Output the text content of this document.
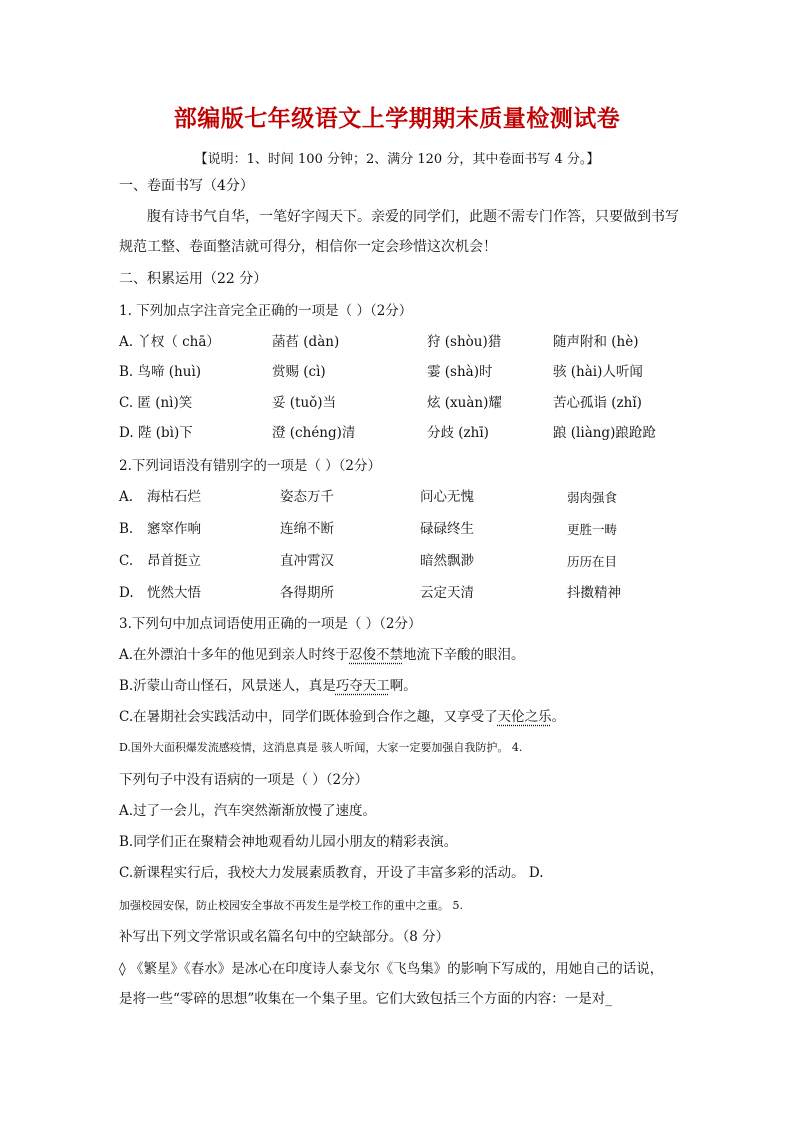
部编版七年级语文上学期期末质量检测试卷
【说明：1、时间 100 分钟；2、满分 120 分，其中卷面书写 4 分。】
一、卷面书写（4分）
腹有诗书气自华，一笔好字闯天下。亲爱的同学们，此题不需专门作答，只要做到书写
规范工整、卷面整洁就可得分，相信你一定会珍惜这次机会！
二、积累运用（22 分）
1. 下列加点字注音完全正确的一项是（ ）（2分）
A. 丫杈（ chā）	菡萏 (dàn)	狩 (shòu)猎	随声附和 (hè)
B. 鸟啼 (huì)	赏赐 (cì)	霎 (shà)时	骇 (hài)人听闻
C. 匿 (nì)笑	妥 (tuǒ)当	炫 (xuàn)耀	苦心孤诣 (zhǐ)
D. 陛 (bì)下	澄 (chéng)清	分歧 (zhī)	踉 (liàng)踉跄跄
2.下列词语没有错别字的一项是（ ）（2分）
A. 海枯石烂	姿态万千	问心无愧	弱肉强食
B. 窸窣作响	连绵不断	碌碌终生	更胜一畴
C. 昂首挺立	直冲霄汉	暗然飘渺	历历在目
D. 恍然大悟	各得期所	云定天清	抖擞精神
3.下列句中加点词语使用正确的一项是（ ）（2分）
A.在外漂泊十多年的他见到亲人时终于忍俊不禁地流下辛酸的眼泪。
B.沂蒙山奇山怪石，风景迷人，真是巧夺天工啊。
C.在暑期社会实践活动中，同学们既体验到合作之趣，又享受了天伦之乐。
D.国外大面积爆发流感疫情，这消息真是 骇人听闻，大家一定要加强自我防护。 4.
下列句子中没有语病的一项是（ ）（2分）
A.过了一会儿，汽车突然渐渐放慢了速度。
B.同学们正在聚精会神地观看幼儿园小朋友的精彩表演。
C.新课程实行后，我校大力发展素质教育，开设了丰富多彩的活动。 D.
加强校园安保，防止校园安全事故不再发生是学校工作的重中之重。 5.
补写出下列文学常识或名篇名句中的空缺部分。（8 分）
◊ 《繁星》《春水》是冰心在印度诗人泰戈尔《飞鸟集》的影响下写成的，用她自己的话说，
是将一些“零碎的思想”收集在一个集子里。它们大致包括三个方面的内容：一是对_
